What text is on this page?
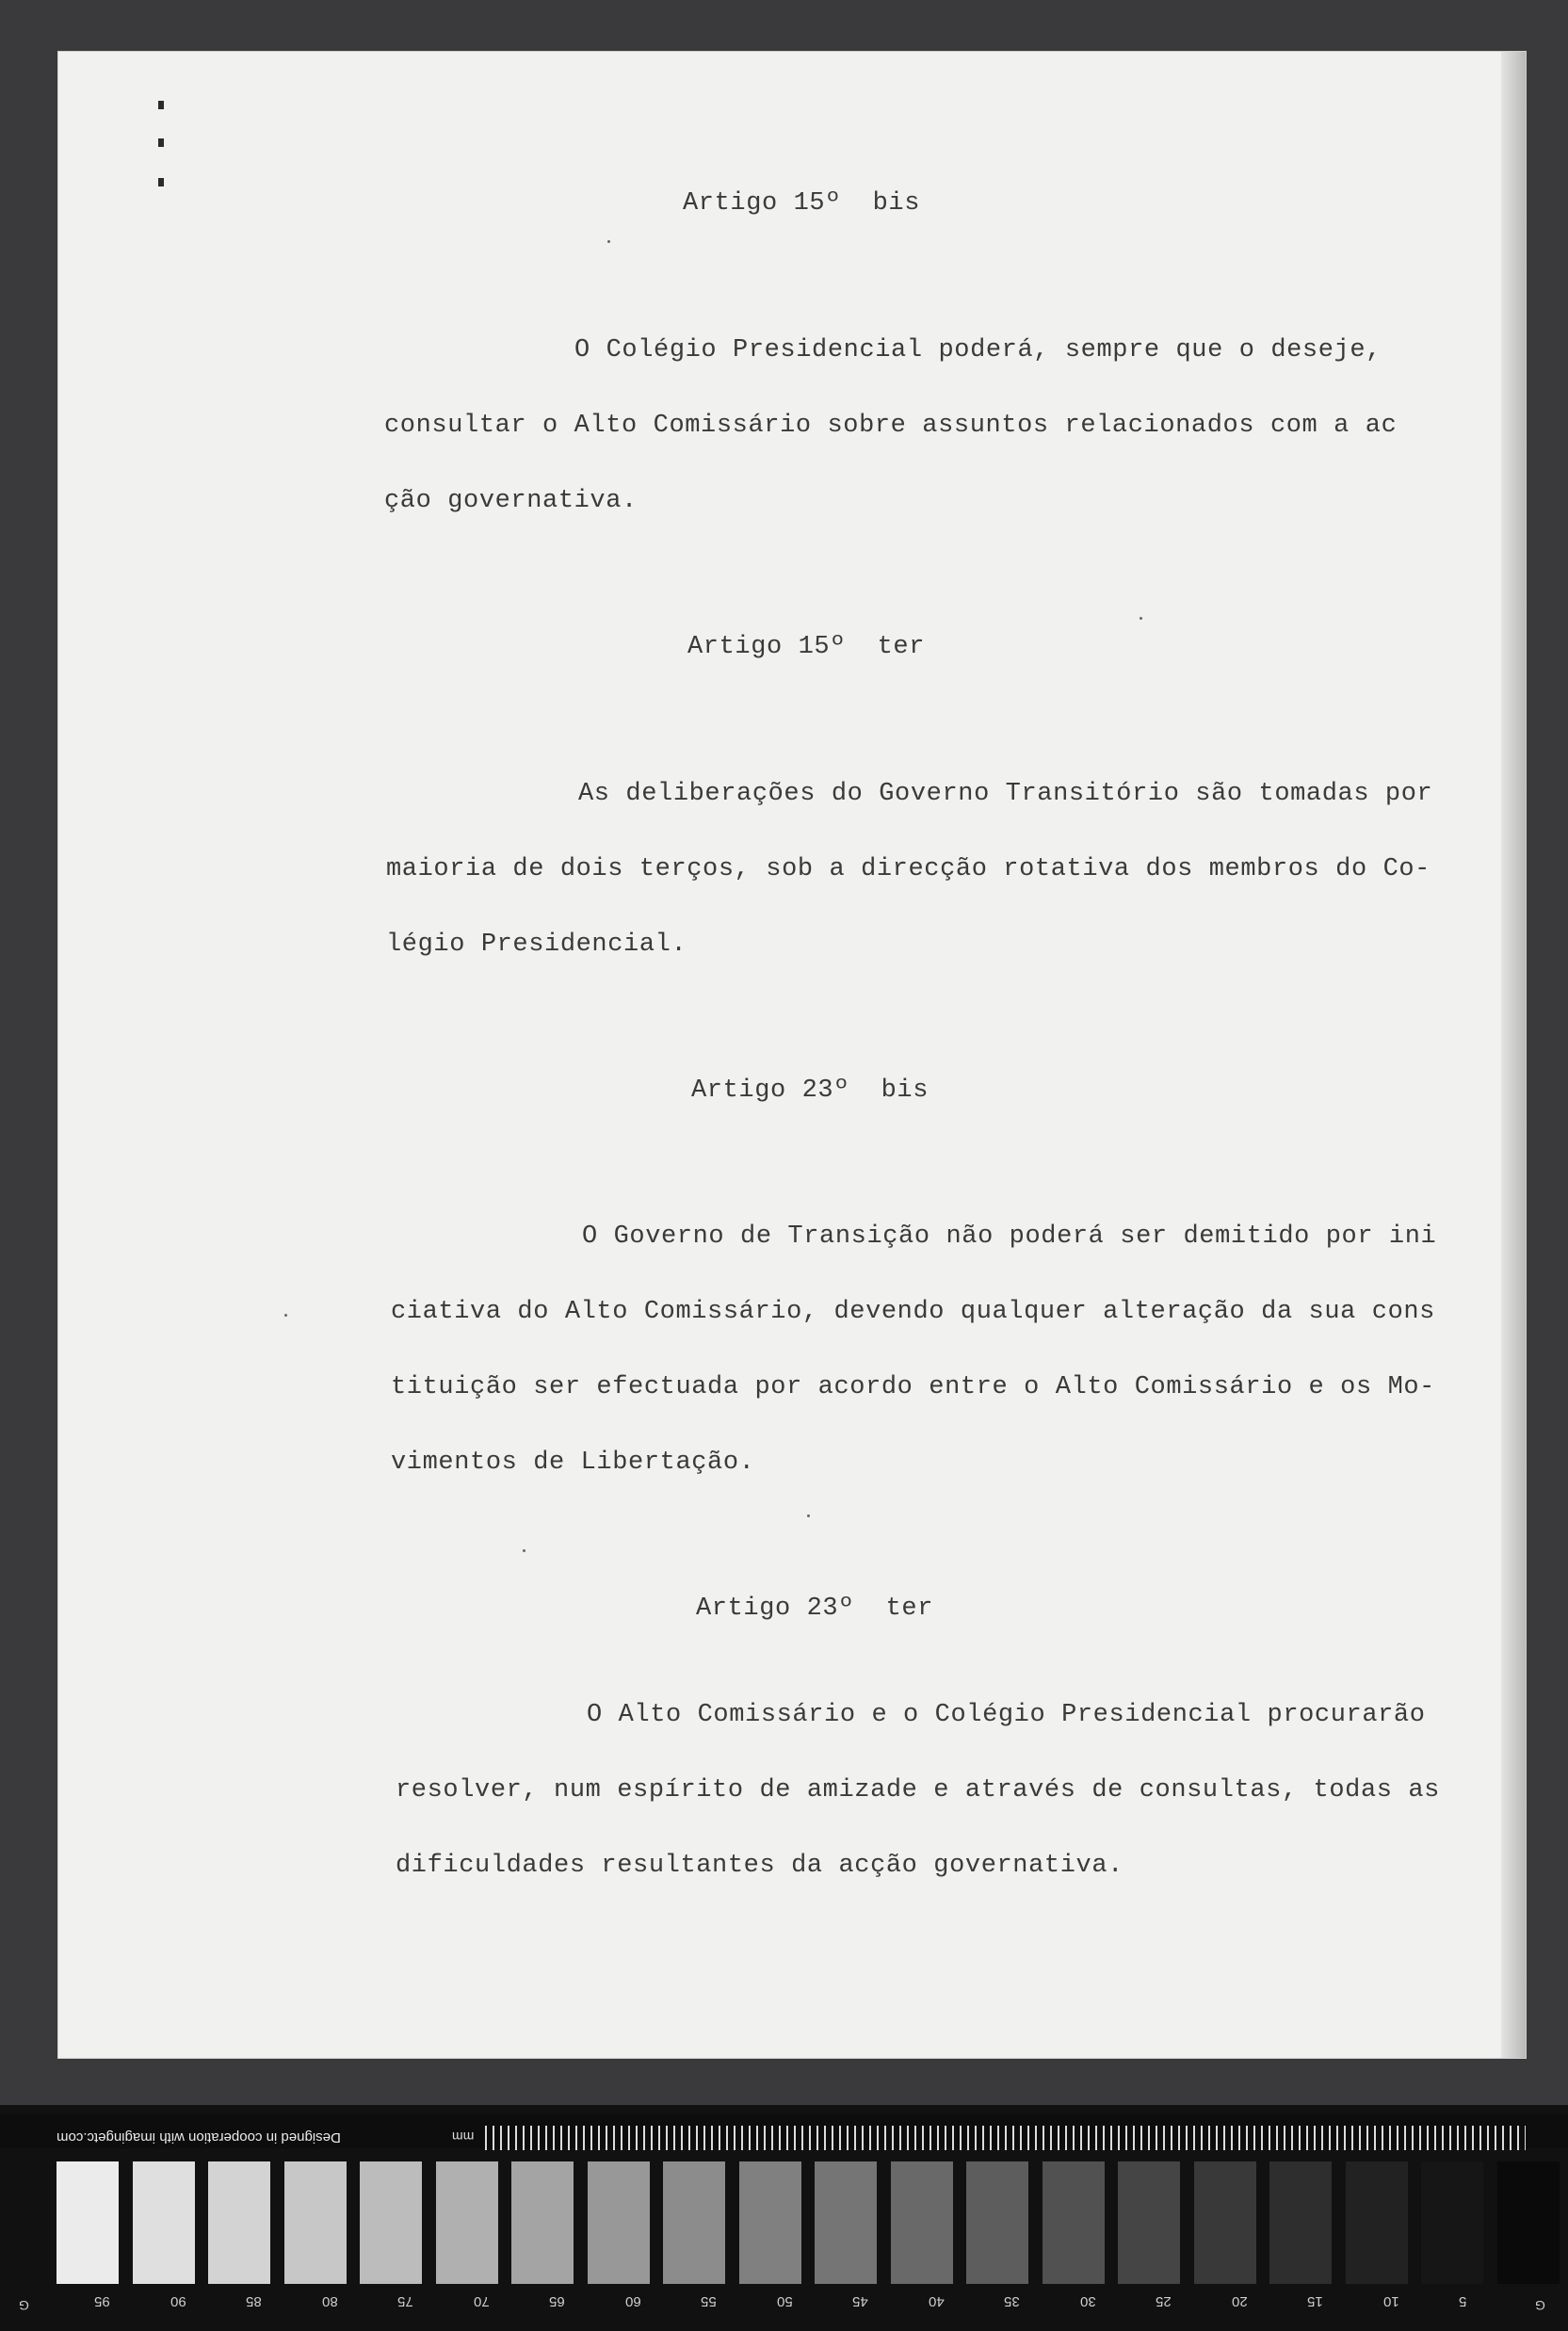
Artigo 15º  bis
O Colégio Presidencial poderá, sempre que o deseje,
consultar o Alto Comissário sobre assuntos relacionados com a ac
ção governativa.
Artigo 15º  ter
As deliberações do Governo Transitório são tomadas por
maioria de dois terços, sob a direcção rotativa dos membros do Co-
légio Presidencial.
Artigo 23º  bis
O Governo de Transição não poderá ser demitido por ini
ciativa do Alto Comissário, devendo qualquer alteração da sua cons
tituição ser efectuada por acordo entre o Alto Comissário e os Mo-
vimentos de Libertação.
Artigo 23º  ter
O Alto Comissário e o Colégio Presidencial procurarão
resolver, num espírito de amizade e através de consultas, todas as
dificuldades resultantes da acção governativa.
Designed in cooperation with imagingetc.com	mm
G	G
95	90	85	80	75	70	65	60	55	50	45	40	35	30	25	20	15	10	5
